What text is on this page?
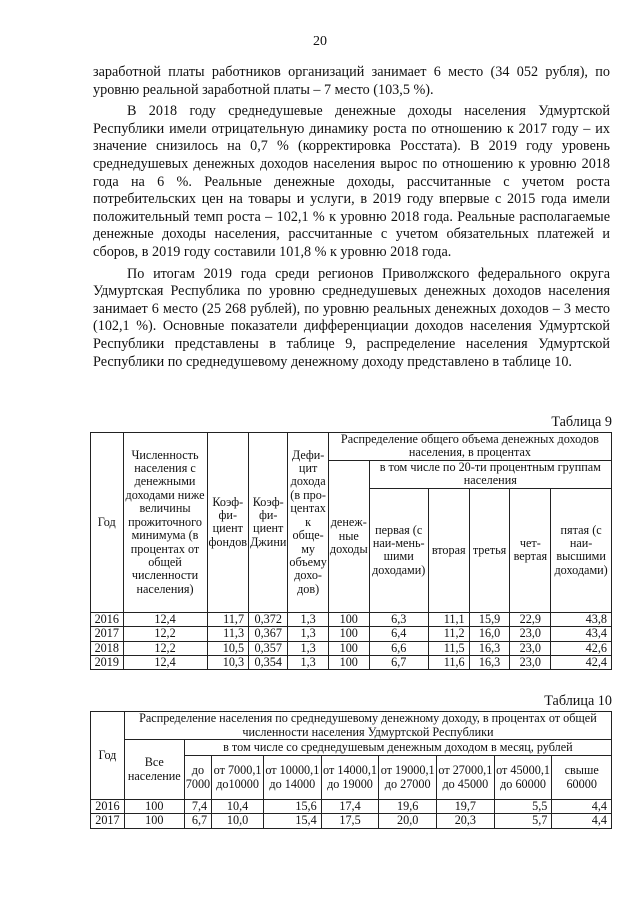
20

заработной платы работников организаций занимает 6 место (34 052 рубля), по уровню реальной заработной платы – 7 место (103,5 %).

В 2018 году среднедушевые денежные доходы населения Удмуртской Республики имели отрицательную динамику роста по отношению к 2017 году – их значение снизилось на 0,7 % (корректировка Росстата). В 2019 году уровень среднедушевых денежных доходов населения вырос по отношению к уровню 2018 года на 6 %. Реальные денежные доходы, рассчитанные с учетом роста потребительских цен на товары и услуги, в 2019 году впервые с 2015 года имели положительный темп роста – 102,1 % к уровню 2018 года. Реальные располагаемые денежные доходы населения, рассчитанные с учетом обязательных платежей и сборов, в 2019 году составили 101,8 % к уровню 2018 года.

По итогам 2019 года среди регионов Приволжского федерального округа Удмуртская Республика по уровню среднедушевых денежных доходов населения занимает 6 место (25 268 рублей), по уровню реальных денежных доходов – 3 место (102,1 %). Основные показатели дифференциации доходов населения Удмуртской Республики представлены в таблице 9, распределение населения Удмуртской Республики по среднедушевому денежному доходу представлено в таблице 10.

Таблица 9
Год	Численность населения с денежными доходами ниже величины прожиточного минимума (в процентах от общей численности населения)	Коэф-фи-циент фондов	Коэф-фи-циент Джини	Дефи-цит дохода (в про-центах к обще-му объему дохо-дов)	Распределение общего объема денежных доходов населения, в процентах					
					денеж-ные доходы	в том числе по 20-ти процентным группам населения				
						первая (с наи-мень-шими доходами)	вторая	третья	чет-вертая	пятая (с наи-высшими доходами)
2016	12,4	11,7	0,372	1,3	100	6,3	11,1	15,9	22,9	43,8
2017	12,2	11,3	0,367	1,3	100	6,4	11,2	16,0	23,0	43,4
2018	12,2	10,5	0,357	1,3	100	6,6	11,5	16,3	23,0	42,6
2019	12,4	10,3	0,354	1,3	100	6,7	11,6	16,3	23,0	42,4
Таблица 10
Год	Распределение населения по среднедушевому денежному доходу, в процентах от общей численности населения Удмуртской Республики								
	Все население	в том числе со среднедушевым денежным доходом в месяц, рублей							
		до 7000	от 7000,1 до10000	от 10000,1 до 14000	от 14000,1 до 19000	от 19000,1 до 27000	от 27000,1 до 45000	от 45000,1 до 60000	свыше 60000
2016	100	7,4	10,4	15,6	17,4	19,6	19,7	5,5	4,4
2017	100	6,7	10,0	15,4	17,5	20,0	20,3	5,7	4,4
